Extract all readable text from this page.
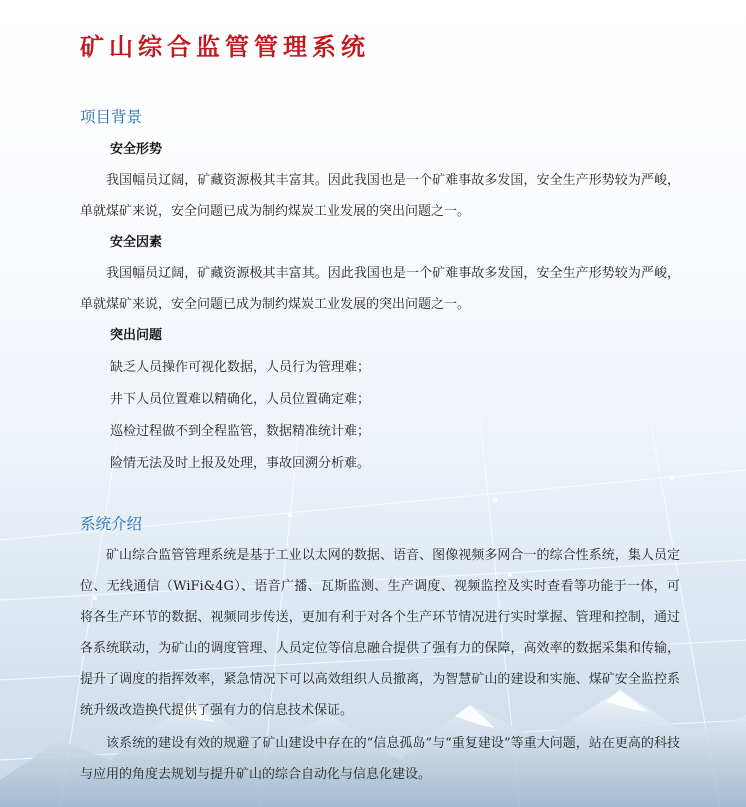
矿山综合监管管理系统
项目背景
安全形势

我国幅员辽阔，矿藏资源极其丰富其。因此我国也是一个矿难事故多发国，安全生产形势较为严峻，单就煤矿来说，安全问题已成为制约煤炭工业发展的突出问题之一。

安全因素

我国幅员辽阔，矿藏资源极其丰富其。因此我国也是一个矿难事故多发国，安全生产形势较为严峻，单就煤矿来说，安全问题已成为制约煤炭工业发展的突出问题之一。

突出问题
缺乏人员操作可视化数据，人员行为管理难；
井下人员位置难以精确化，人员位置确定难；
巡检过程做不到全程监管，数据精准统计难；
险情无法及时上报及处理，事故回溯分析难。
系统介绍

矿山综合监管管理系统是基于工业以太网的数据、语音、图像视频多网合一的综合性系统，集人员定位、无线通信（WiFi&4G）、语音广播、瓦斯监测、生产调度、视频监控及实时查看等功能于一体，可将各生产环节的数据、视频同步传送，更加有利于对各个生产环节情况进行实时掌握、管理和控制，通过各系统联动，为矿山的调度管理、人员定位等信息融合提供了强有力的保障，高效率的数据采集和传输，提升了调度的指挥效率，紧急情况下可以高效组织人员撤离，为智慧矿山的建设和实施、煤矿安全监控系统升级改造换代提供了强有力的信息技术保证。

该系统的建设有效的规避了矿山建设中存在的“信息孤岛”与“重复建设”等重大问题，站在更高的科技与应用的角度去规划与提升矿山的综合自动化与信息化建设。
